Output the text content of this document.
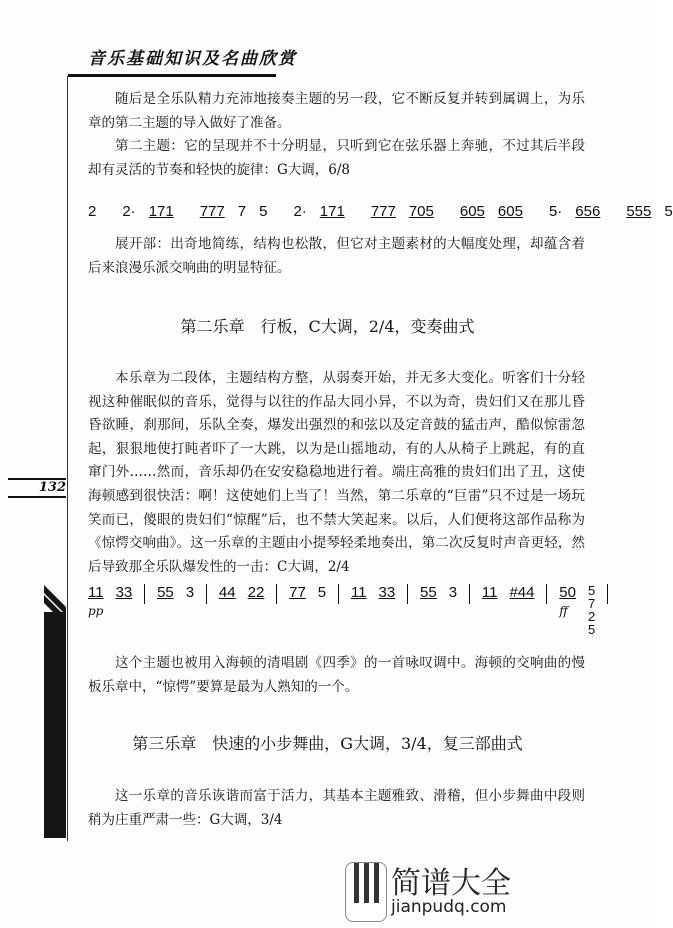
音乐基础知识及名曲欣赏
132
随后是全乐队精力充沛地接奏主题的另一段，它不断反复并转到属调上，为乐章的第二主题的导入做好了准备。
第二主题：它的呈现并不十分明显，只听到它在弦乐器上奔驰，不过其后半段却有灵活的节奏和轻快的旋律：G大调，6/8
2 2· 171 777 7 5 2· 171 777 705 605 605 5· 656 555 5
展开部：出奇地简练，结构也松散，但它对主题素材的大幅度处理，却蕴含着后来浪漫乐派交响曲的明显特征。
第二乐章　行板，C大调，2/4，变奏曲式
本乐章为二段体，主题结构方整，从弱奏开始，并无多大变化。听客们十分轻视这种催眠似的音乐，觉得与以往的作品大同小异，不以为奇，贵妇们又在那儿昏昏欲睡，刹那间，乐队全奏，爆发出强烈的和弦以及定音鼓的猛击声，酷似惊雷忽起，狠狠地使打盹者吓了一大跳，以为是山摇地动，有的人从椅子上跳起，有的直窜门外……然而，音乐却仍在安安稳稳地进行着。端庄高雅的贵妇们出了丑，这使海顿感到很快活：啊！这使她们上当了！当然，第二乐章的“巨雷”只不过是一场玩笑而已，傻眼的贵妇们“惊醒”后，也不禁大笑起来。以后，人们便将这部作品称为《惊愕交响曲》。这一乐章的主题由小提琴轻柔地奏出，第二次反复时声音更轻，然后导致那全乐队爆发性的一击：C大调，2/4
11 33 55 3 44 22 77 5 11 33 55 3 11 #44 50 5 7 2 5
pp	ff
这个主题也被用入海顿的清唱剧《四季》的一首咏叹调中。海顿的交响曲的慢板乐章中，“惊愕”要算是最为人熟知的一个。
第三乐章　快速的小步舞曲，G大调，3/4，复三部曲式
这一乐章的音乐诙谐而富于活力，其基本主题雅致、滑稽，但小步舞曲中段则稍为庄重严肃一些：G大调，3/4
简谱大全
jianpudq.com
